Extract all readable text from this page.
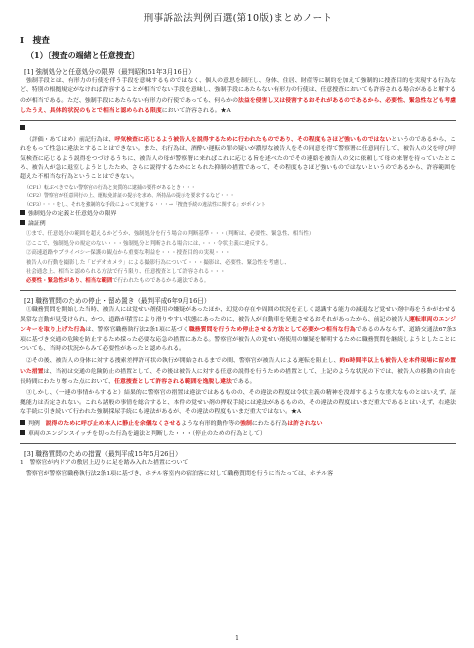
刑事訴訟法判例百選(第10版)まとめノート
Ⅰ　捜査
（1）〔捜査の端緒と任意捜査〕
[1] 強制処分と任意処分の限界（最判昭和51年3月16日）

強制手段とは、有形力の行使を伴う手段を意味するものではなく、個人の意思を制圧し、身体、住居、財産等に制約を加えて強制的に捜査目的を実現する行為など、特別の根拠規定がなければ許容することが相当でない手段を意味し、強制手段にあたらない有形力の行使は、任意捜査においても許容される場合があると解するのが相当である。ただ、強制手段にあたらない有形力の行使であっても、何らかの法益を侵害し又は侵害するおそれがあるのであるから、必要性、緊急性なども考慮したうえ、具体的状況のもとで相当と認められる限度において許容される。★A

（評価・あてはめ）前記行為は、呼気検査に応じるよう被告人を説得するために行われたものであり、その程度もさほど強いものではないというのであるから、これをもって性急に違法とすることはできない。また、右行為は、酒酔い運転の罪の疑いが濃厚な被告人をその同意を得て警察署に任意同行して、被告人の父を呼び呼気検査に応じるよう説得をつづけるうちに、被告人の母が警察署に来ればこれに応じる旨を述べたのでその連絡を被告人の父に依頼して母の来署を待っていたところ、被告人が急に退室しようとしたため、さらに説得するためにとられた抑制の措置であって、その程度もさほど強いものではないというのであるから、許容範囲を超えた不相当な行為ということはできない。

（CF1）転ぶべきでない警察官の行為と実質的に逮捕の要件があるとき・・・
（CF2）警察官が任意同行の上、運転免許証の提示を求め、所持品の提示を要求するなど・・・
（CF3）・・・をし、それを強制的な手段によって実施する・・・→「捜査手続の違法性に関する」がポイント
強制処分の定義と任意処分の限界
論証例
①まで、任意処分の範囲を超えるかどうか、強制処分を行う場合の判断基準・・・（判断は、必要性、緊急性、相当性）
②ここで、強制処分の規定のない・・・強制処分と判断される場合には、・・・令状主義に違反する。
②高速道路やプライバシー保護の観点から重要な利益を・・・捜査目的の実現・・・
被告人の行動を撮影した「ビデオカメラ」による撮影行為について・・・撮影は、必要性、緊急性を考慮し、
社会通念上、相当と認められる方法で行う限り、任意捜査として許容される・・・
必要性・緊急性があり、相当な範囲で行われたものであるから適法である。
[2] 職務質問のための停止・留め置き（最判平成6年9月16日）

①職務質問を開始した当時、被告人には覚せい剤使用の嫌疑があったほか、幻覚の存在や周囲の状況を正しく認識する能力の減退など覚せい剤中毒をうかがわせる異常な言動が見受けられ、かつ、道路が積雪により滑りやすい状態にあったのに、被告人が自動車を発進させるおそれがあったから、前記の被告人運転車両のエンジンキーを取り上げた行為は、警察官職務執行法2条1項に基づく職務質問を行うため停止させる方法として必要かつ相当な行為であるのみならず、道路交通法67条3項に基づき交通の危険を防止するため採った必要な応急の措置にあたる。警察官が被告人の覚せい剤使用の嫌疑を解明するために職務質問を継続しようとしたことについても、当時の状況からみて必要性があったと認められる。

②その後、被告人の身体に対する捜索差押許可状の執行が開始されるまでの間、警察官が被告人による運転を阻止し、約6時間半以上も被告人を本件現場に留め置いた措置は、当初は交通の危険防止の措置として、その後は被告人に対する任意の説得を行うための措置として、上記のような状況の下では、被告人の移動の自由を長時間にわたり奪った点において、任意捜査として許容される範囲を逸脱し違法である。

③しかし、（一連の事情からすると）結果的に警察官の措置は違法ではあるものの、その違法の程度は令状主義の精神を没却するような重大なものとはいえず、証拠能力は否定されない。これら諸般の事情を総合すると、本件の覚せい剤の押収手続には違法があるものの、その違法の程度はいまだ重大であるとはいえず、右違法な手続に引き続いて行われた強制採尿手続にも違法があるが、その違法の程度もいまだ重大ではない。★A

判例　説得のために呼び止め本人に静止を余儀なくさせるような有形的動作等の強制にわたる行為は許されない
車両のエンジンスイッチを切った行為を適法と判断した・・・（停止のための行為として）
[3] 職務質問のための措置（最判平成15年5月26日）

1　警察官が内ドアの敷居上辺りに足を踏み入れた措置について

警察官が警察官職務執行法2条1項に基づき、ホテル客室内の宿泊客に対して職務質問を行うに当たっては、ホテル客

1
